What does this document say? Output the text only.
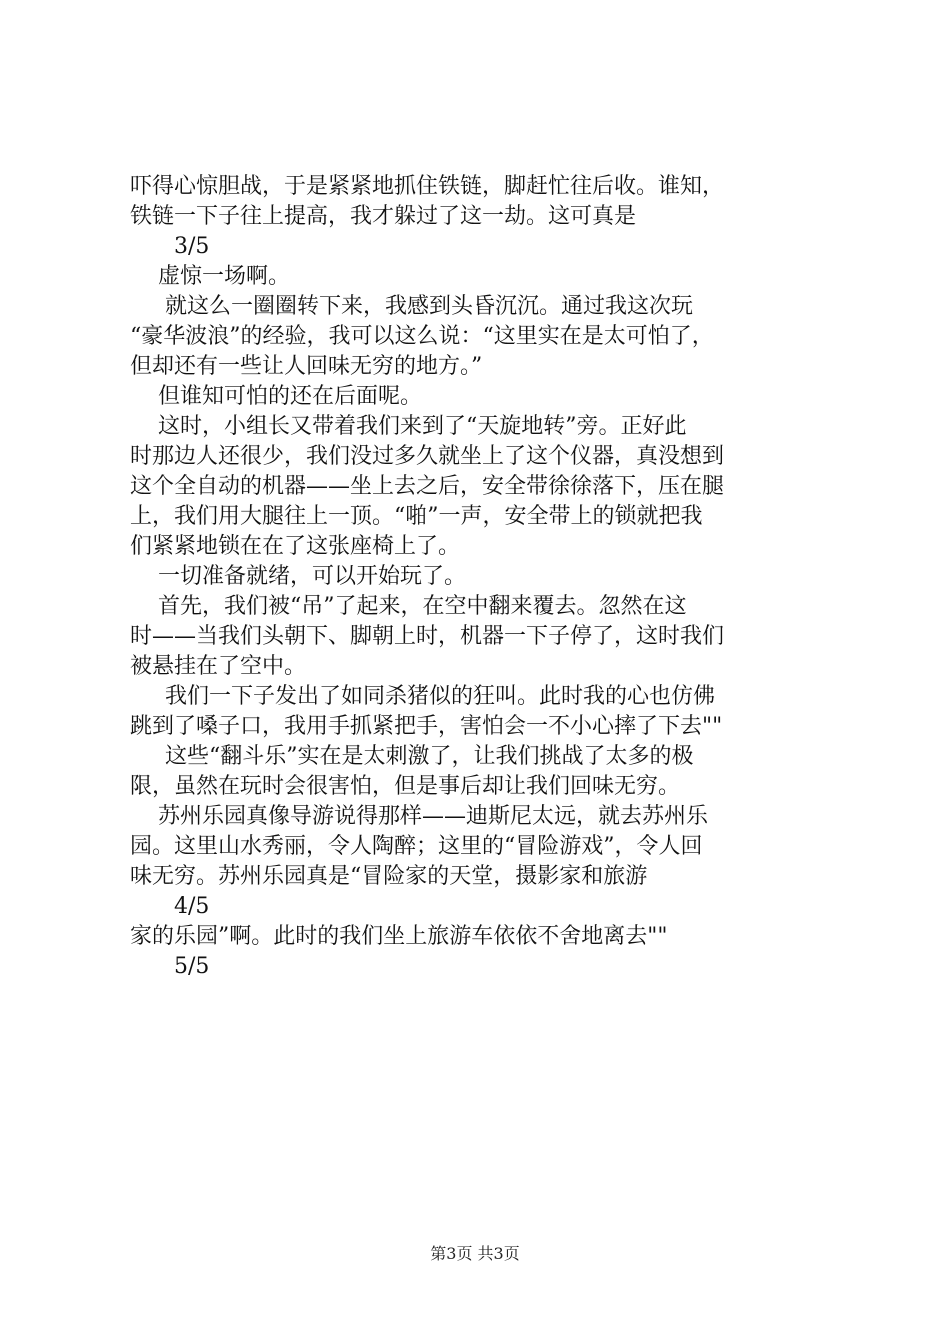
吓得心惊胆战，于是紧紧地抓住铁链，脚赶忙往后收。谁知，
铁链一下子往上提高，我才躲过了这一劫。这可真是

3/5

虚惊一场啊。

就这么一圈圈转下来，我感到头昏沉沉。通过我这次玩
“豪华波浪”的经验，我可以这么说：“这里实在是太可怕了，
但却还有一些让人回味无穷的地方。”

但谁知可怕的还在后面呢。

这时，小组长又带着我们来到了“天旋地转”旁。正好此
时那边人还很少，我们没过多久就坐上了这个仪器，真没想到
这个全自动的机器——坐上去之后，安全带徐徐落下，压在腿
上，我们用大腿往上一顶。“啪”一声，安全带上的锁就把我
们紧紧地锁在在了这张座椅上了。

一切准备就绪，可以开始玩了。

首先，我们被“吊”了起来，在空中翻来覆去。忽然在这
时——当我们头朝下、脚朝上时，机器一下子停了，这时我们
被悬挂在了空中。

我们一下子发出了如同杀猪似的狂叫。此时我的心也仿佛
跳到了嗓子口，我用手抓紧把手，害怕会一不小心摔了下去""

这些“翻斗乐”实在是太刺激了，让我们挑战了太多的极
限，虽然在玩时会很害怕，但是事后却让我们回味无穷。

苏州乐园真像导游说得那样——迪斯尼太远，就去苏州乐
园。这里山水秀丽，令人陶醉；这里的“冒险游戏”，令人回
味无穷。苏州乐园真是“冒险家的天堂，摄影家和旅游

4/5

家的乐园”啊。此时的我们坐上旅游车依依不舍地离去""

5/5

第3页 共3页
